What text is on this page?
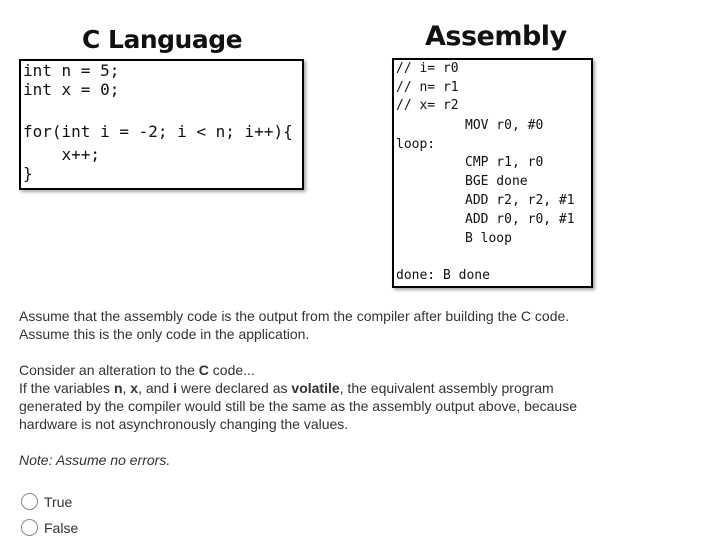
C Language	Assembly
int n = 5;
int x = 0;
for(int i = -2; i < n; i++){
x++;
}
// i= r0
// n= r1
// x= r2
MOV r0, #0
loop:
CMP r1, r0
BGE done
ADD r2, r2, #1
ADD r0, r0, #1
B loop
done: B done

Assume that the assembly code is the output from the compiler after building the C code. Assume this is the only code in the application.

Consider an alteration to the C code...
If the variables n, x, and i were declared as volatile, the equivalent assembly program generated by the compiler would still be the same as the assembly output above, because hardware is not asynchronously changing the values.

Note: Assume no errors.

True
False
